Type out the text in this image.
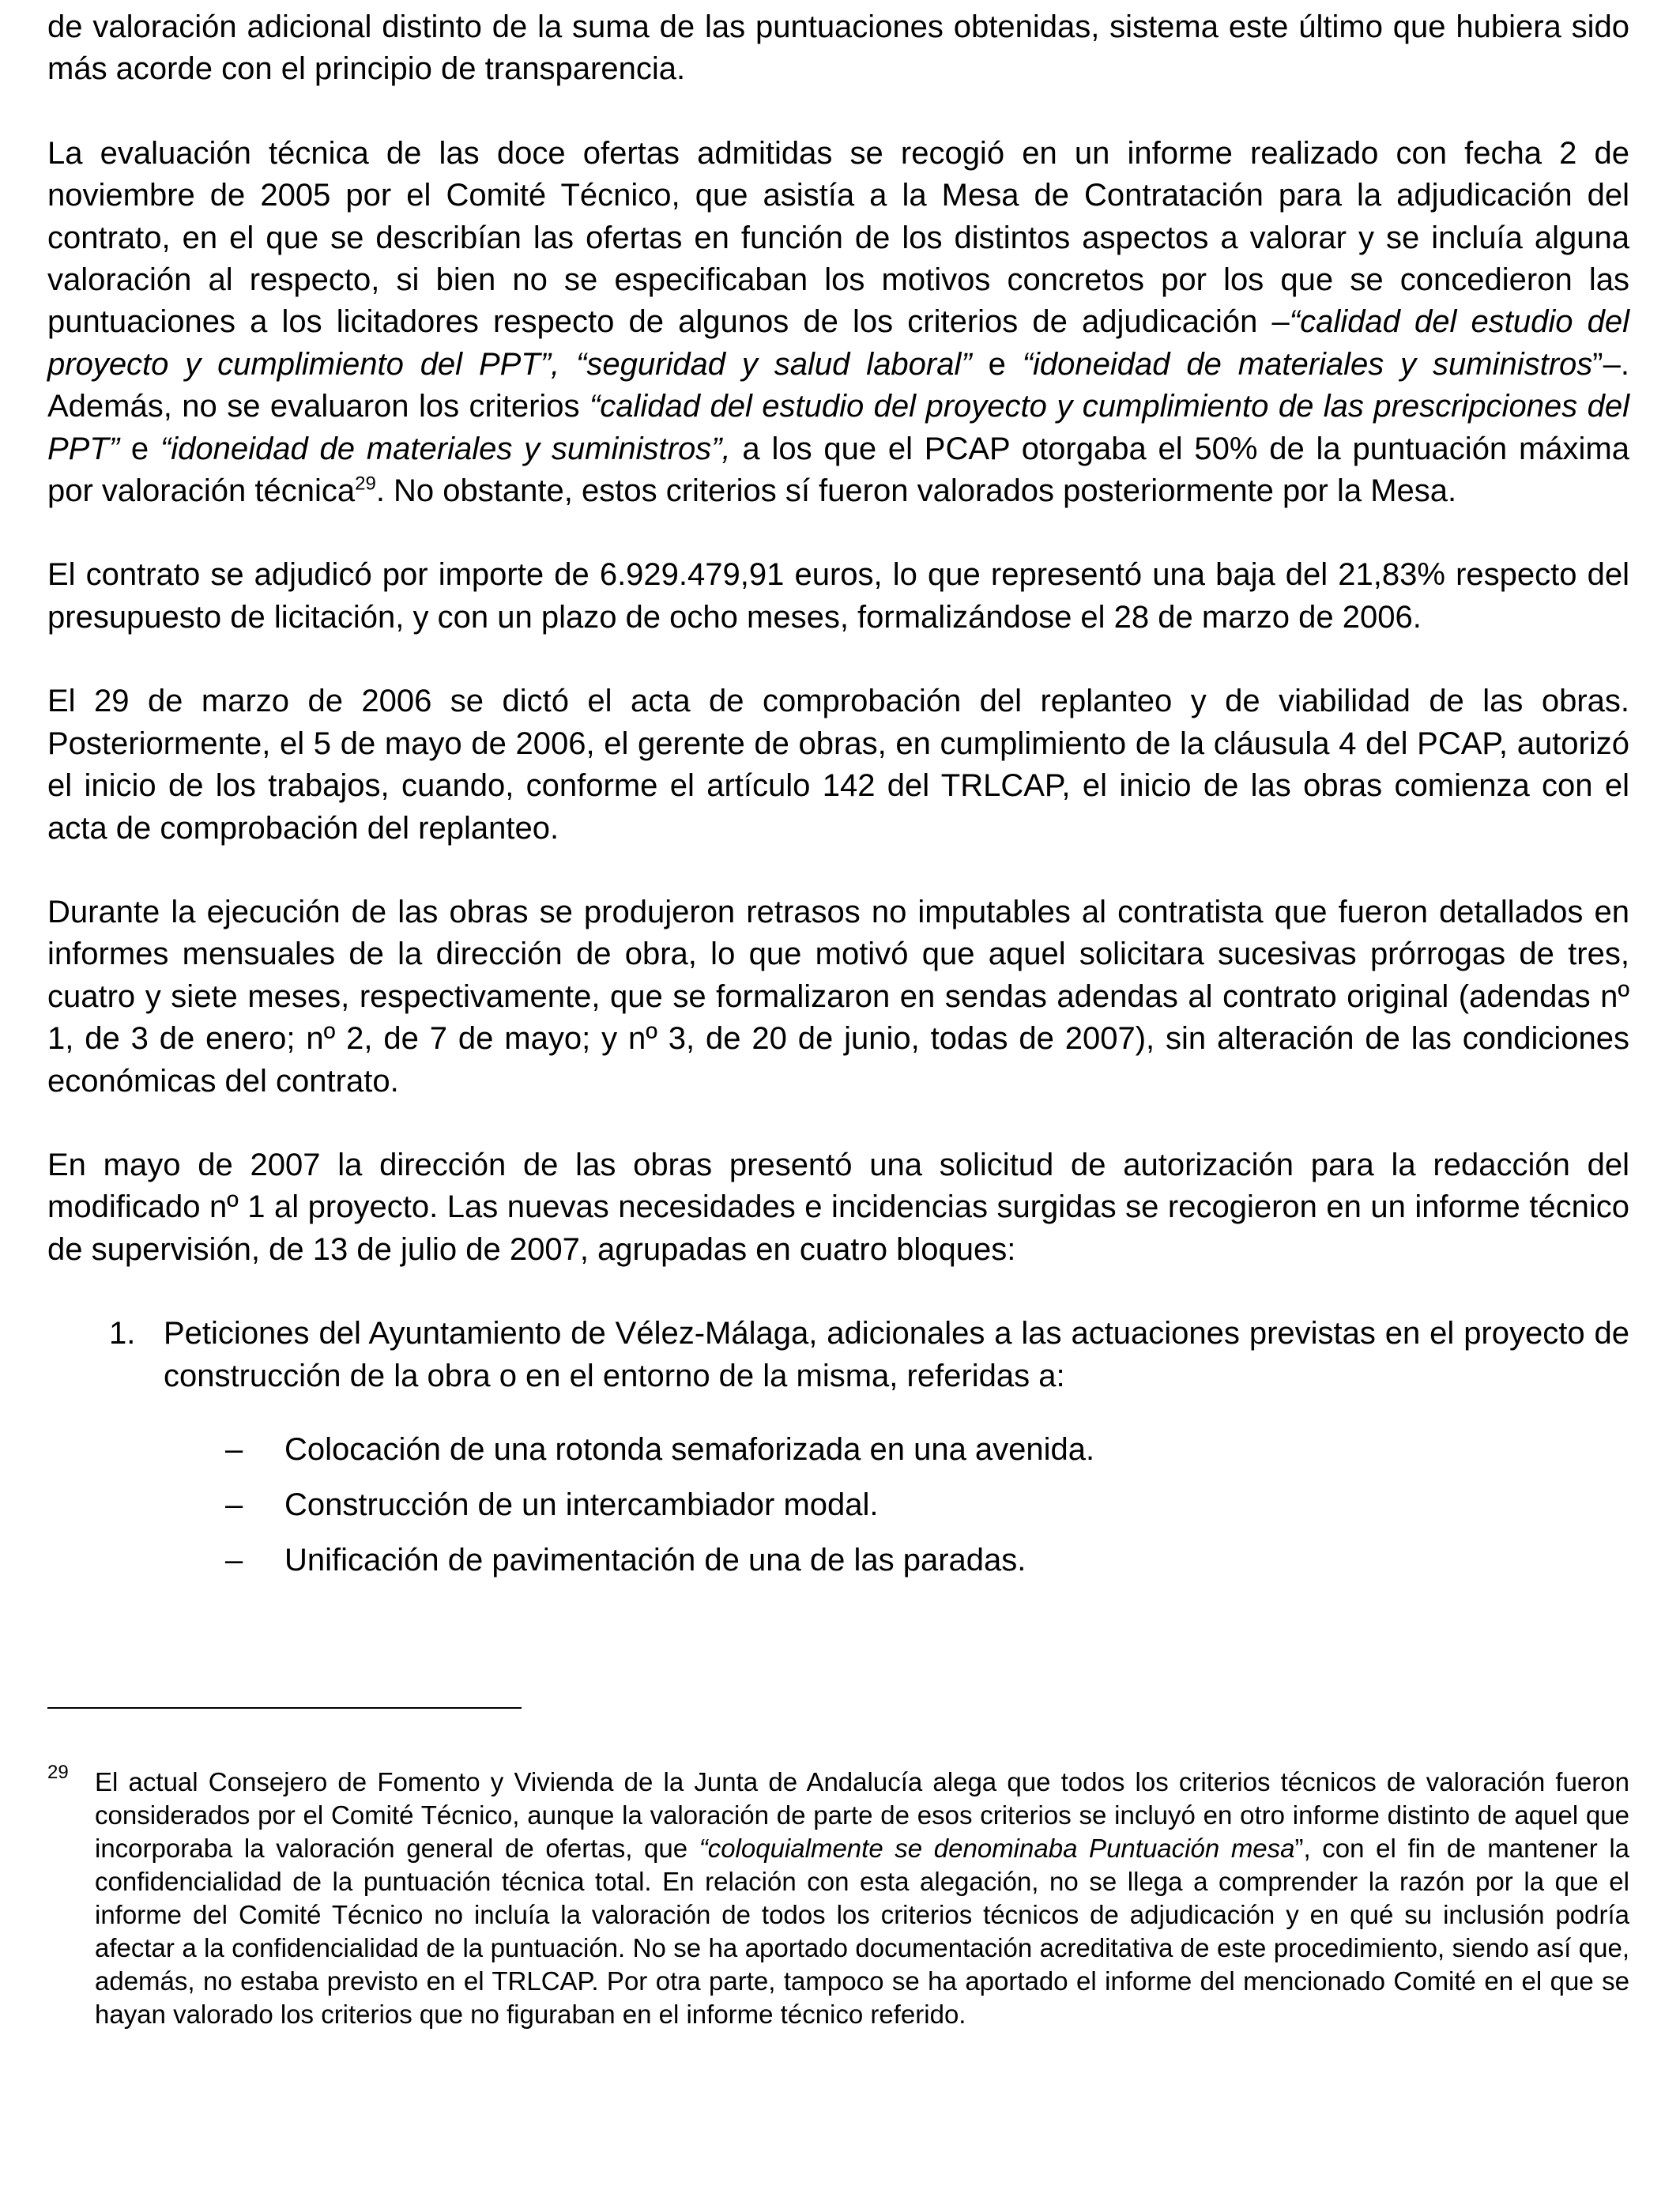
de valoración adicional distinto de la suma de las puntuaciones obtenidas, sistema este último que hubiera sido más acorde con el principio de transparencia.

La evaluación técnica de las doce ofertas admitidas se recogió en un informe realizado con fecha 2 de noviembre de 2005 por el Comité Técnico, que asistía a la Mesa de Contratación para la adjudicación del contrato, en el que se describían las ofertas en función de los distintos aspectos a valorar y se incluía alguna valoración al respecto, si bien no se especificaban los motivos concretos por los que se concedieron las puntuaciones a los licitadores respecto de algunos de los criterios de adjudicación –“calidad del estudio del proyecto y cumplimiento del PPT”, “seguridad y salud laboral” e “idoneidad de materiales y suministros”–. Además, no se evaluaron los criterios “calidad del estudio del proyecto y cumplimiento de las prescripciones del PPT” e “idoneidad de materiales y suministros”, a los que el PCAP otorgaba el 50% de la puntuación máxima por valoración técnica$^{29}$. No obstante, estos criterios sí fueron valorados posteriormente por la Mesa.

El contrato se adjudicó por importe de 6.929.479,91 euros, lo que representó una baja del 21,83% respecto del presupuesto de licitación, y con un plazo de ocho meses, formalizándose el 28 de marzo de 2006.

El 29 de marzo de 2006 se dictó el acta de comprobación del replanteo y de viabilidad de las obras. Posteriormente, el 5 de mayo de 2006, el gerente de obras, en cumplimiento de la cláusula 4 del PCAP, autorizó el inicio de los trabajos, cuando, conforme el artículo 142 del TRLCAP, el inicio de las obras comienza con el acta de comprobación del replanteo.

Durante la ejecución de las obras se produjeron retrasos no imputables al contratista que fueron detallados en informes mensuales de la dirección de obra, lo que motivó que aquel solicitara sucesivas prórrogas de tres, cuatro y siete meses, respectivamente, que se formalizaron en sendas adendas al contrato original (adendas nº 1, de 3 de enero; nº 2, de 7 de mayo; y nº 3, de 20 de junio, todas de 2007), sin alteración de las condiciones económicas del contrato.

En mayo de 2007 la dirección de las obras presentó una solicitud de autorización para la redacción del modificado nº 1 al proyecto. Las nuevas necesidades e incidencias surgidas se recogieron en un informe técnico de supervisión, de 13 de julio de 2007, agrupadas en cuatro bloques:

1. Peticiones del Ayuntamiento de Vélez-Málaga, adicionales a las actuaciones previstas en el proyecto de construcción de la obra o en el entorno de la misma, referidas a:
– Colocación de una rotonda semaforizada en una avenida.
– Construcción de un intercambiador modal.
– Unificación de pavimentación de una de las paradas.
29	El actual Consejero de Fomento y Vivienda de la Junta de Andalucía alega que todos los criterios técnicos de valoración fueron considerados por el Comité Técnico, aunque la valoración de parte de esos criterios se incluyó en otro informe distinto de aquel que incorporaba la valoración general de ofertas, que “coloquialmente se denominaba Puntuación mesa”, con el fin de mantener la confidencialidad de la puntuación técnica total. En relación con esta alegación, no se llega a comprender la razón por la que el informe del Comité Técnico no incluía la valoración de todos los criterios técnicos de adjudicación y en qué su inclusión podría afectar a la confidencialidad de la puntuación. No se ha aportado documentación acreditativa de este procedimiento, siendo así que, además, no estaba previsto en el TRLCAP. Por otra parte, tampoco se ha aportado el informe del mencionado Comité en el que se hayan valorado los criterios que no figuraban en el informe técnico referido.
